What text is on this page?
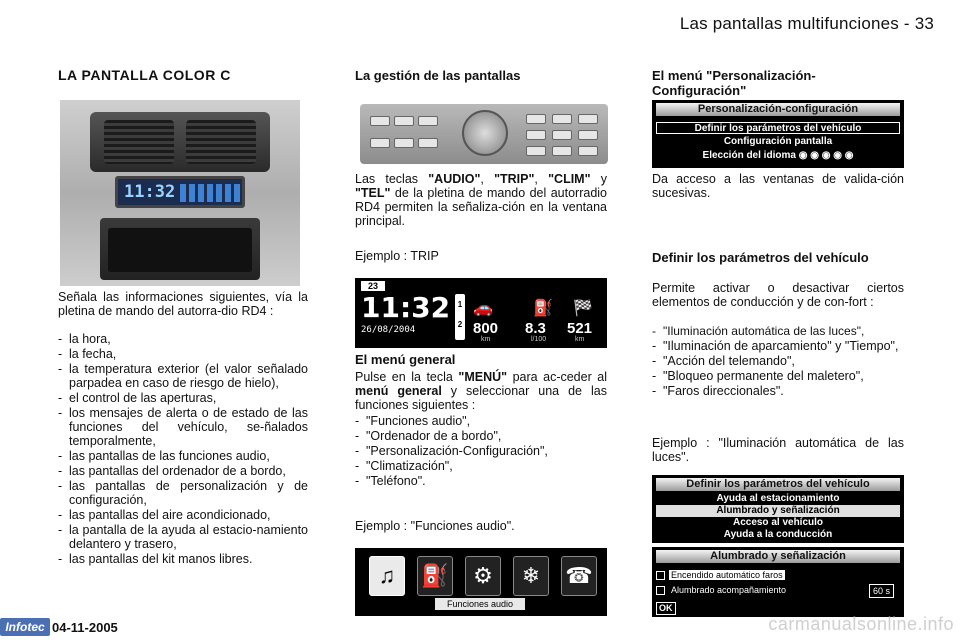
Las pantallas multifunciones - 33
LA PANTALLA COLOR C
11:32
Señala las informaciones siguientes, vía la pletina de mando del autorra-dio RD4 :
- la hora,
- la fecha,
- la temperatura exterior (el valor señalado parpadea en caso de riesgo de hielo),
- el control de las aperturas,
- los mensajes de alerta o de estado de las funciones del vehículo, se-ñalados temporalmente,
- las pantallas de las funciones audio,
- las pantallas del ordenador de a bordo,
- las pantallas de personalización y de configuración,
- las pantallas del aire acondicionado,
- la pantalla de la ayuda al estacio-namiento delantero y trasero,
- las pantallas del kit manos libres.
La gestión de las pantallas
Las teclas "AUDIO", "TRIP", "CLIM" y "TEL" de la pletina de mando del autorradio RD4 permiten la señaliza-ción en la ventana principal.
Ejemplo : TRIP
23
11:32
26/08/2004
1
2
🚗	⛽ 🏁
800
km
8.3
l/100
521
km
El menú general
Pulse en la tecla "MENÚ" para ac-ceder al menú general y seleccionar una de las funciones siguientes :
- "Funciones audio",
- "Ordenador de a bordo",
- "Personalización-Configuración",
- "Climatización",
- "Teléfono".
Ejemplo : "Funciones audio".
♫	⛽	⚙	❄	☎
Funciones audio
El menú "Personalización-Configuración"
Personalización-configuración
Definir los parámetros del vehículo
Configuración pantalla
Elección del idioma ◉ ◉ ◉ ◉ ◉
Da acceso a las ventanas de valida-ción sucesivas.
Definir los parámetros del vehículo
Permite activar o desactivar ciertos elementos de conducción y de con-fort :
- "Iluminación automática de las luces",
- "Iluminación de aparcamiento" y "Tiempo",
- "Acción del telemando",
- "Bloqueo permanente del maletero",
- "Faros direccionales".
Ejemplo : "Iluminación automática de las luces".
Definir los parámetros del vehículo
Ayuda al estacionamiento
Alumbrado y señalización
Acceso al vehículo
Ayuda a la conducción
Alumbrado y señalización
Encendido automático faros
Alumbrado acompañamiento	60 s
OK
Infotec 04-11-2005	carmanualsonline.info
